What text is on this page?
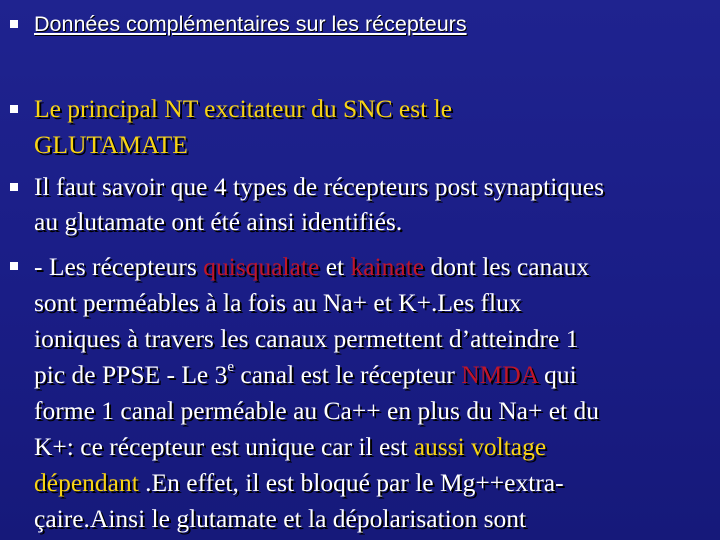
Données complémentaires sur les récepteurs
Le principal NT excitateur du SNC est le
GLUTAMATE
Il faut savoir que 4 types de récepteurs post synaptiques
au glutamate ont été ainsi identifiés.
- Les récepteurs quisqualate et kainate dont les canaux
sont perméables à la fois au Na+ et K+.Les flux
ioniques à travers les canaux permettent d’atteindre 1
pic de PPSE - Le 3e canal est le récepteur NMDA qui
forme 1 canal perméable au Ca++ en plus du Na+ et du
K+: ce récepteur est unique car il est aussi voltage
dépendant .En effet, il est bloqué par le Mg++extra-
çaire.Ainsi le glutamate et la dépolarisation sont
